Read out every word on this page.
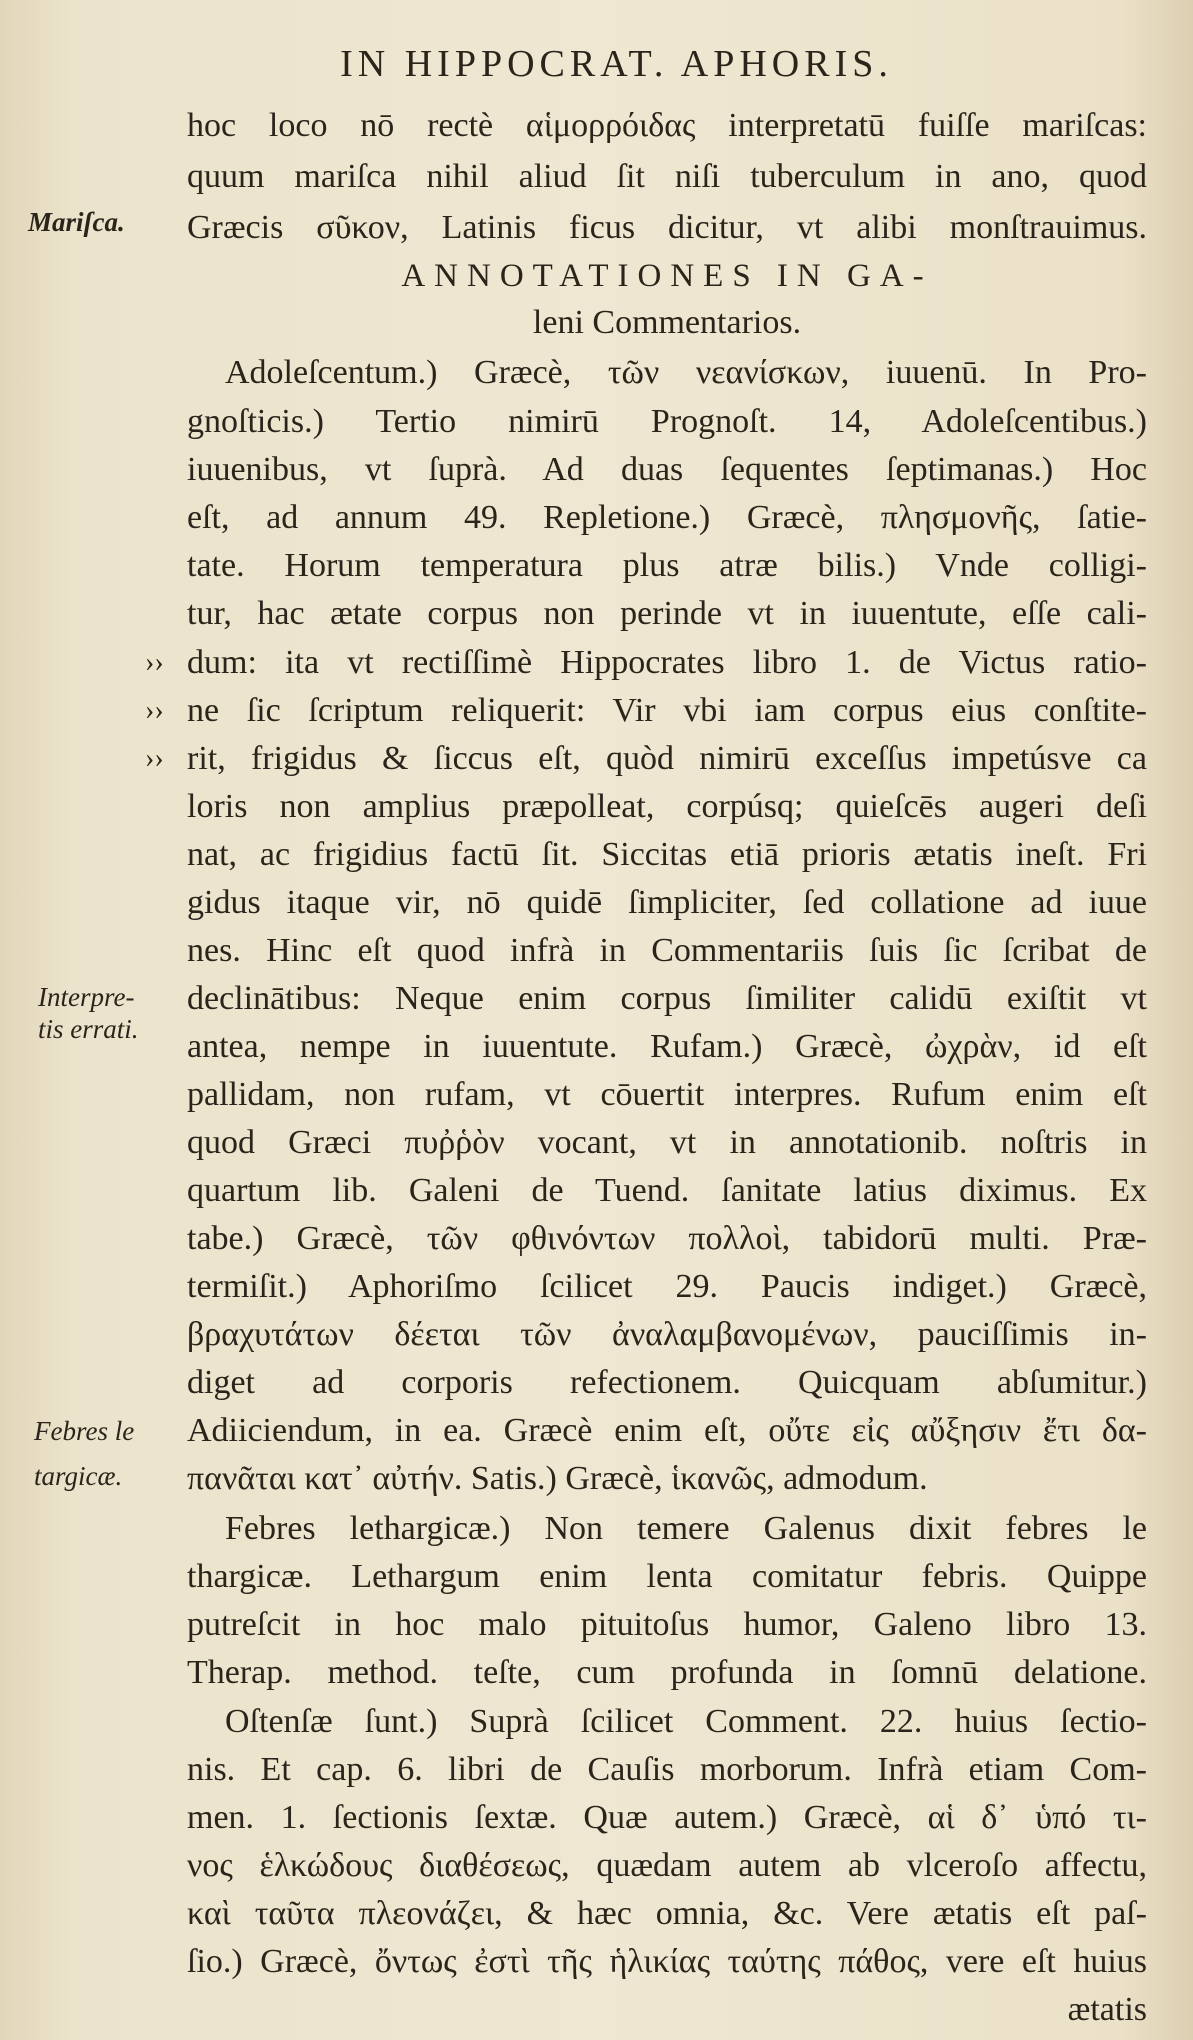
IN HIPPOCRAT. APHORIS.
hoc loco nō rectè αἱμορρόιδας interpretatū fuiſſe mariſcas:
quum mariſca nihil aliud ſit niſi tuberculum in ano, quod
Græcis σῦκον, Latinis ficus dicitur, vt alibi monſtrauimus.
ANNOTATIONES IN GA-
leni Commentarios.
Adoleſcentum.) Græcè, τῶν νεανίσκων, iuuenū. In Pro-
gnoſticis.) Tertio nimirū Prognoſt. 14, Adoleſcentibus.)
iuuenibus, vt ſuprà. Ad duas ſequentes ſeptimanas.) Hoc
eſt, ad annum 49. Repletione.) Græcè, πλησμονῆς, ſatie-
tate. Horum temperatura plus atræ bilis.) Vnde colligi-
tur, hac ætate corpus non perinde vt in iuuentute, eſſe cali-
dum: ita vt rectiſſimè Hippocrates libro 1. de Victus ratio-
ne ſic ſcriptum reliquerit: Vir vbi iam corpus eius conſtite-
rit, frigidus & ſiccus eſt, quòd nimirū exceſſus impetúsve ca
loris non amplius præpolleat, corpúsq; quieſcēs augeri deſi
nat, ac frigidius factū ſit. Siccitas etiā prioris ætatis ineſt. Fri
gidus itaque vir, nō quidē ſimpliciter, ſed collatione ad iuue
nes. Hinc eſt quod infrà in Commentariis ſuis ſic ſcribat de
declinātibus: Neque enim corpus ſimiliter calidū exiſtit vt
antea, nempe in iuuentute. Rufam.) Græcè, ὠχρὰν, id eſt
pallidam, non rufam, vt cōuertit interpres. Rufum enim eſt
quod Græci πυῤῥὸν vocant, vt in annotationib. noſtris in
quartum lib. Galeni de Tuend. ſanitate latius diximus. Ex
tabe.) Græcè, τῶν φθινόντων πολλοὶ, tabidorū multi. Præ-
termiſit.) Aphoriſmo ſcilicet 29. Paucis indiget.) Græcè,
βραχυτάτων δέεται τῶν ἀναλαμβανομένων, pauciſſimis in-
diget ad corporis refectionem. Quicquam abſumitur.)
Adiiciendum, in ea. Græcè enim eſt, οὔτε εἰς αὔξησιν ἔτι δα-
πανᾶται κατ᾽ αὐτήν. Satis.) Græcè, ἱκανῶς, admodum.
Febres lethargicæ.) Non temere Galenus dixit febres le
thargicæ. Lethargum enim lenta comitatur febris. Quippe
putreſcit in hoc malo pituitoſus humor, Galeno libro 13.
Therap. method. teſte, cum profunda in ſomnū delatione.
Oſtenſæ ſunt.) Suprà ſcilicet Comment. 22. huius ſectio-
nis. Et cap. 6. libri de Cauſis morborum. Infrà etiam Com-
men. 1. ſectionis ſextæ. Quæ autem.) Græcè, αἱ δ᾽ ὑπό τι-
νος ἑλκώδους διαθέσεως, quædam autem ab vlceroſo affectu,
καὶ ταῦτα πλεονάζει, & hæc omnia, &c. Vere ætatis eſt paſ-
ſio.) Græcè, ὄντως ἐστὶ τῆς ἡλικίας ταύτης πάθος, vere eſt huius
ætatis
Mariſca.
Interpre-
tis errati.
Febres le
targicæ.
››
››
››
